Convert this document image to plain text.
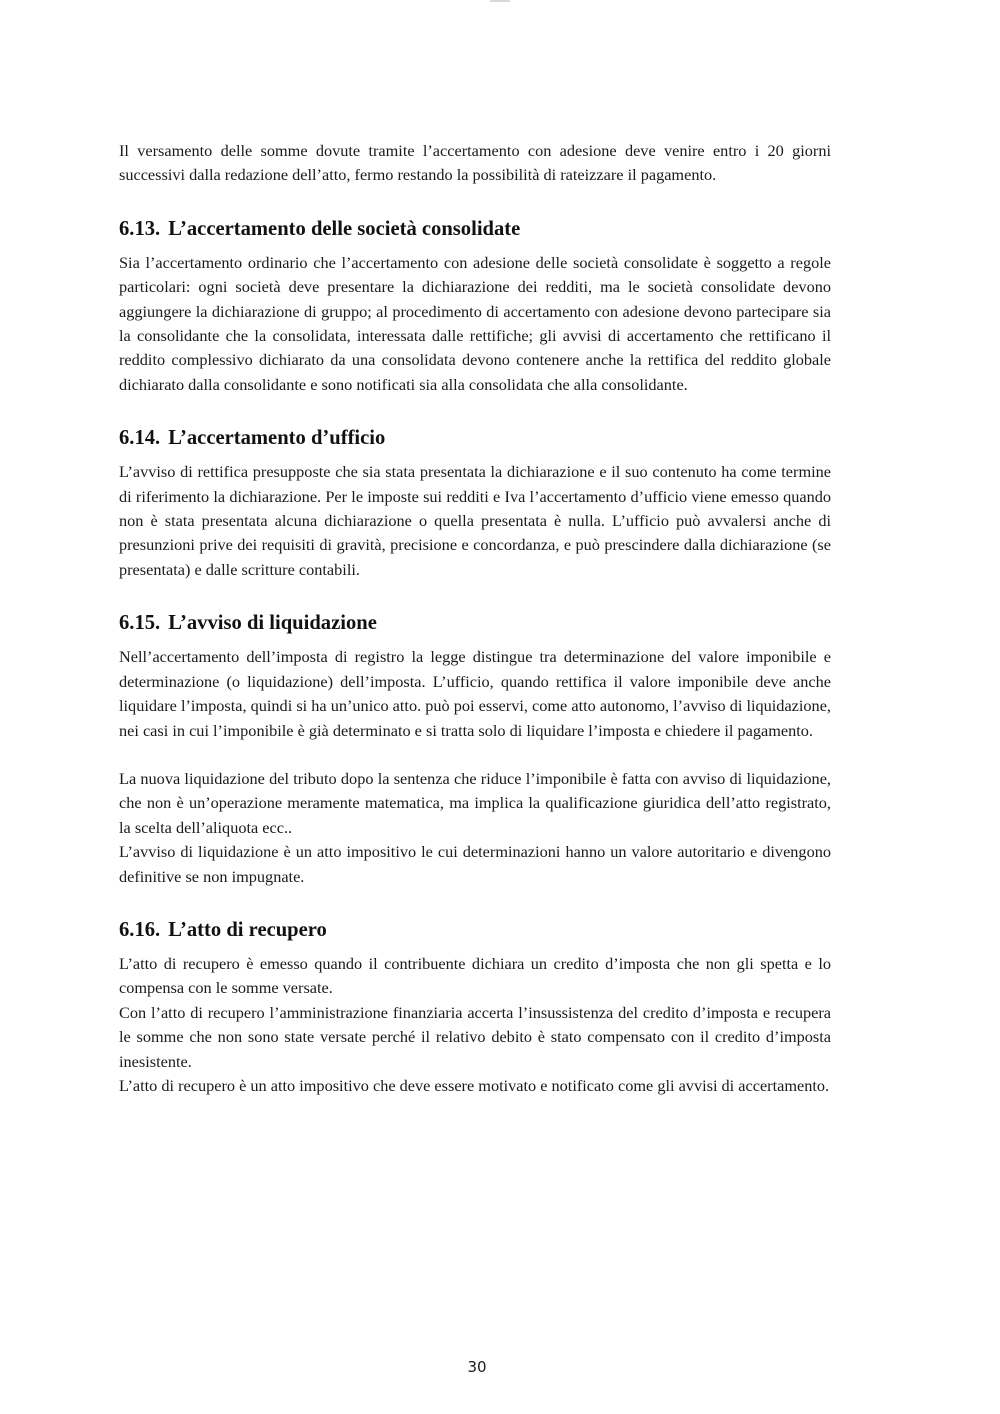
Il versamento delle somme dovute tramite l’accertamento con adesione deve venire entro i 20 giorni successivi dalla redazione dell’atto, fermo restando la possibilità di rateizzare il pagamento.

6.13. L’accertamento delle società consolidate

Sia l’accertamento ordinario che l’accertamento con adesione delle società consolidate è soggetto a regole particolari: ogni società deve presentare la dichiarazione dei redditi, ma le società consolidate devono aggiungere la dichiarazione di gruppo; al procedimento di accertamento con adesione devono partecipare sia la consolidante che la consolidata, interessata dalle rettifiche; gli avvisi di accertamento che rettificano il reddito complessivo dichiarato da una consolidata devono contenere anche la rettifica del reddito globale dichiarato dalla consolidante e sono notificati sia alla consolidata che alla consolidante.

6.14. L’accertamento d’ufficio

L’avviso di rettifica presupposte che sia stata presentata la dichiarazione e il suo contenuto ha come termine di riferimento la dichiarazione. Per le imposte sui redditi e Iva l’accertamento d’ufficio viene emesso quando non è stata presentata alcuna dichiarazione o quella presentata è nulla. L’ufficio può avvalersi anche di presunzioni prive dei requisiti di gravità, precisione e concordanza, e può prescindere dalla dichiarazione (se presentata) e dalle scritture contabili.

6.15. L’avviso di liquidazione

Nell’accertamento dell’imposta di registro la legge distingue tra determinazione del valore imponibile e determinazione (o liquidazione) dell’imposta. L’ufficio, quando rettifica il valore imponibile deve anche liquidare l’imposta, quindi si ha un’unico atto. può poi esservi, come atto autonomo, l’avviso di liquidazione, nei casi in cui l’imponibile è già determinato e si tratta solo di liquidare l’imposta e chiedere il pagamento.

La nuova liquidazione del tributo dopo la sentenza che riduce l’imponibile è fatta con avviso di liquidazione, che non è un’operazione meramente matematica, ma implica la qualificazione giuridica dell’atto registrato, la scelta dell’aliquota ecc..

L’avviso di liquidazione è un atto impositivo le cui determinazioni hanno un valore autoritario e divengono definitive se non impugnate.

6.16. L’atto di recupero

L’atto di recupero è emesso quando il contribuente dichiara un credito d’imposta che non gli spetta e lo compensa con le somme versate.

Con l’atto di recupero l’amministrazione finanziaria accerta l’insussistenza del credito d’imposta e recupera le somme che non sono state versate perché il relativo debito è stato compensato con il credito d’imposta inesistente.

L’atto di recupero è un atto impositivo che deve essere motivato e notificato come gli avvisi di accertamento.

30
